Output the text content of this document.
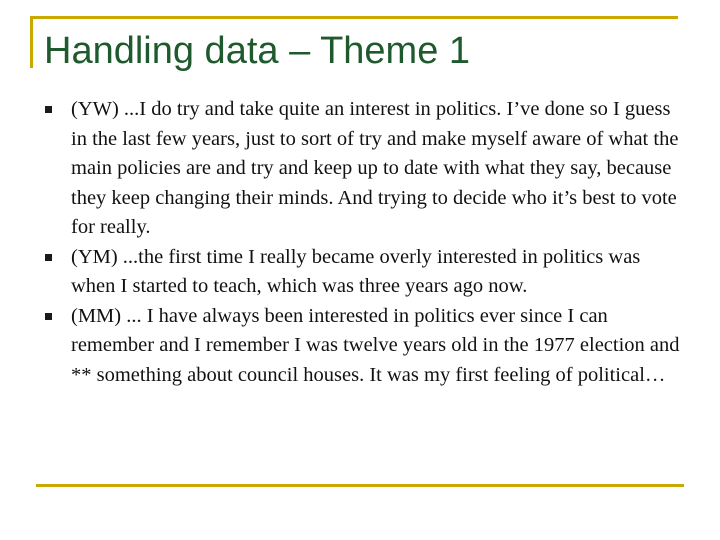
Handling data – Theme 1
(YW) ...I do try and take quite an interest in politics. I’ve done so I guess in the last few years, just to sort of try and make myself aware of what the main policies are and try and keep up to date with what they say, because they keep changing their minds. And trying to decide who it’s best to vote for really.
(YM) ...the first time I really became overly interested in politics was when I started to teach, which was three years ago now.
(MM) ... I have always been interested in politics ever since I can remember and I remember I was twelve years old in the 1977 election and ** something about council houses. It was my first feeling of political…
